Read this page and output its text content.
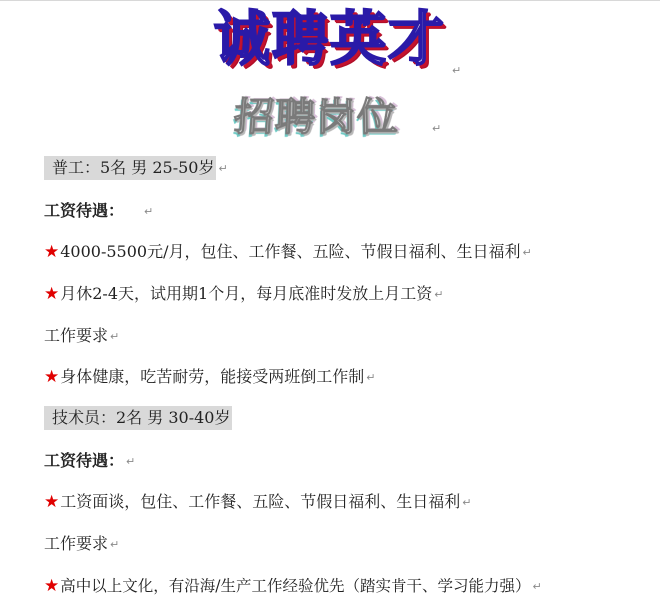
诚聘英才 ↵
招聘岗位	↵
普工：5名 男 25-50岁 ↵
工资待遇： ↵
★4000-5500元/月，包住、工作餐、五险、节假日福利、生日福利 ↵
★月休2-4天，试用期1个月，每月底准时发放上月工资 ↵
工作要求 ↵
★身体健康，吃苦耐劳，能接受两班倒工作制 ↵
技术员：2名 男 30-40岁
工资待遇： ↵
★工资面谈，包住、工作餐、五险、节假日福利、生日福利 ↵
工作要求 ↵
★高中以上文化，有沿海/生产工作经验优先（踏实肯干、学习能力强） ↵
